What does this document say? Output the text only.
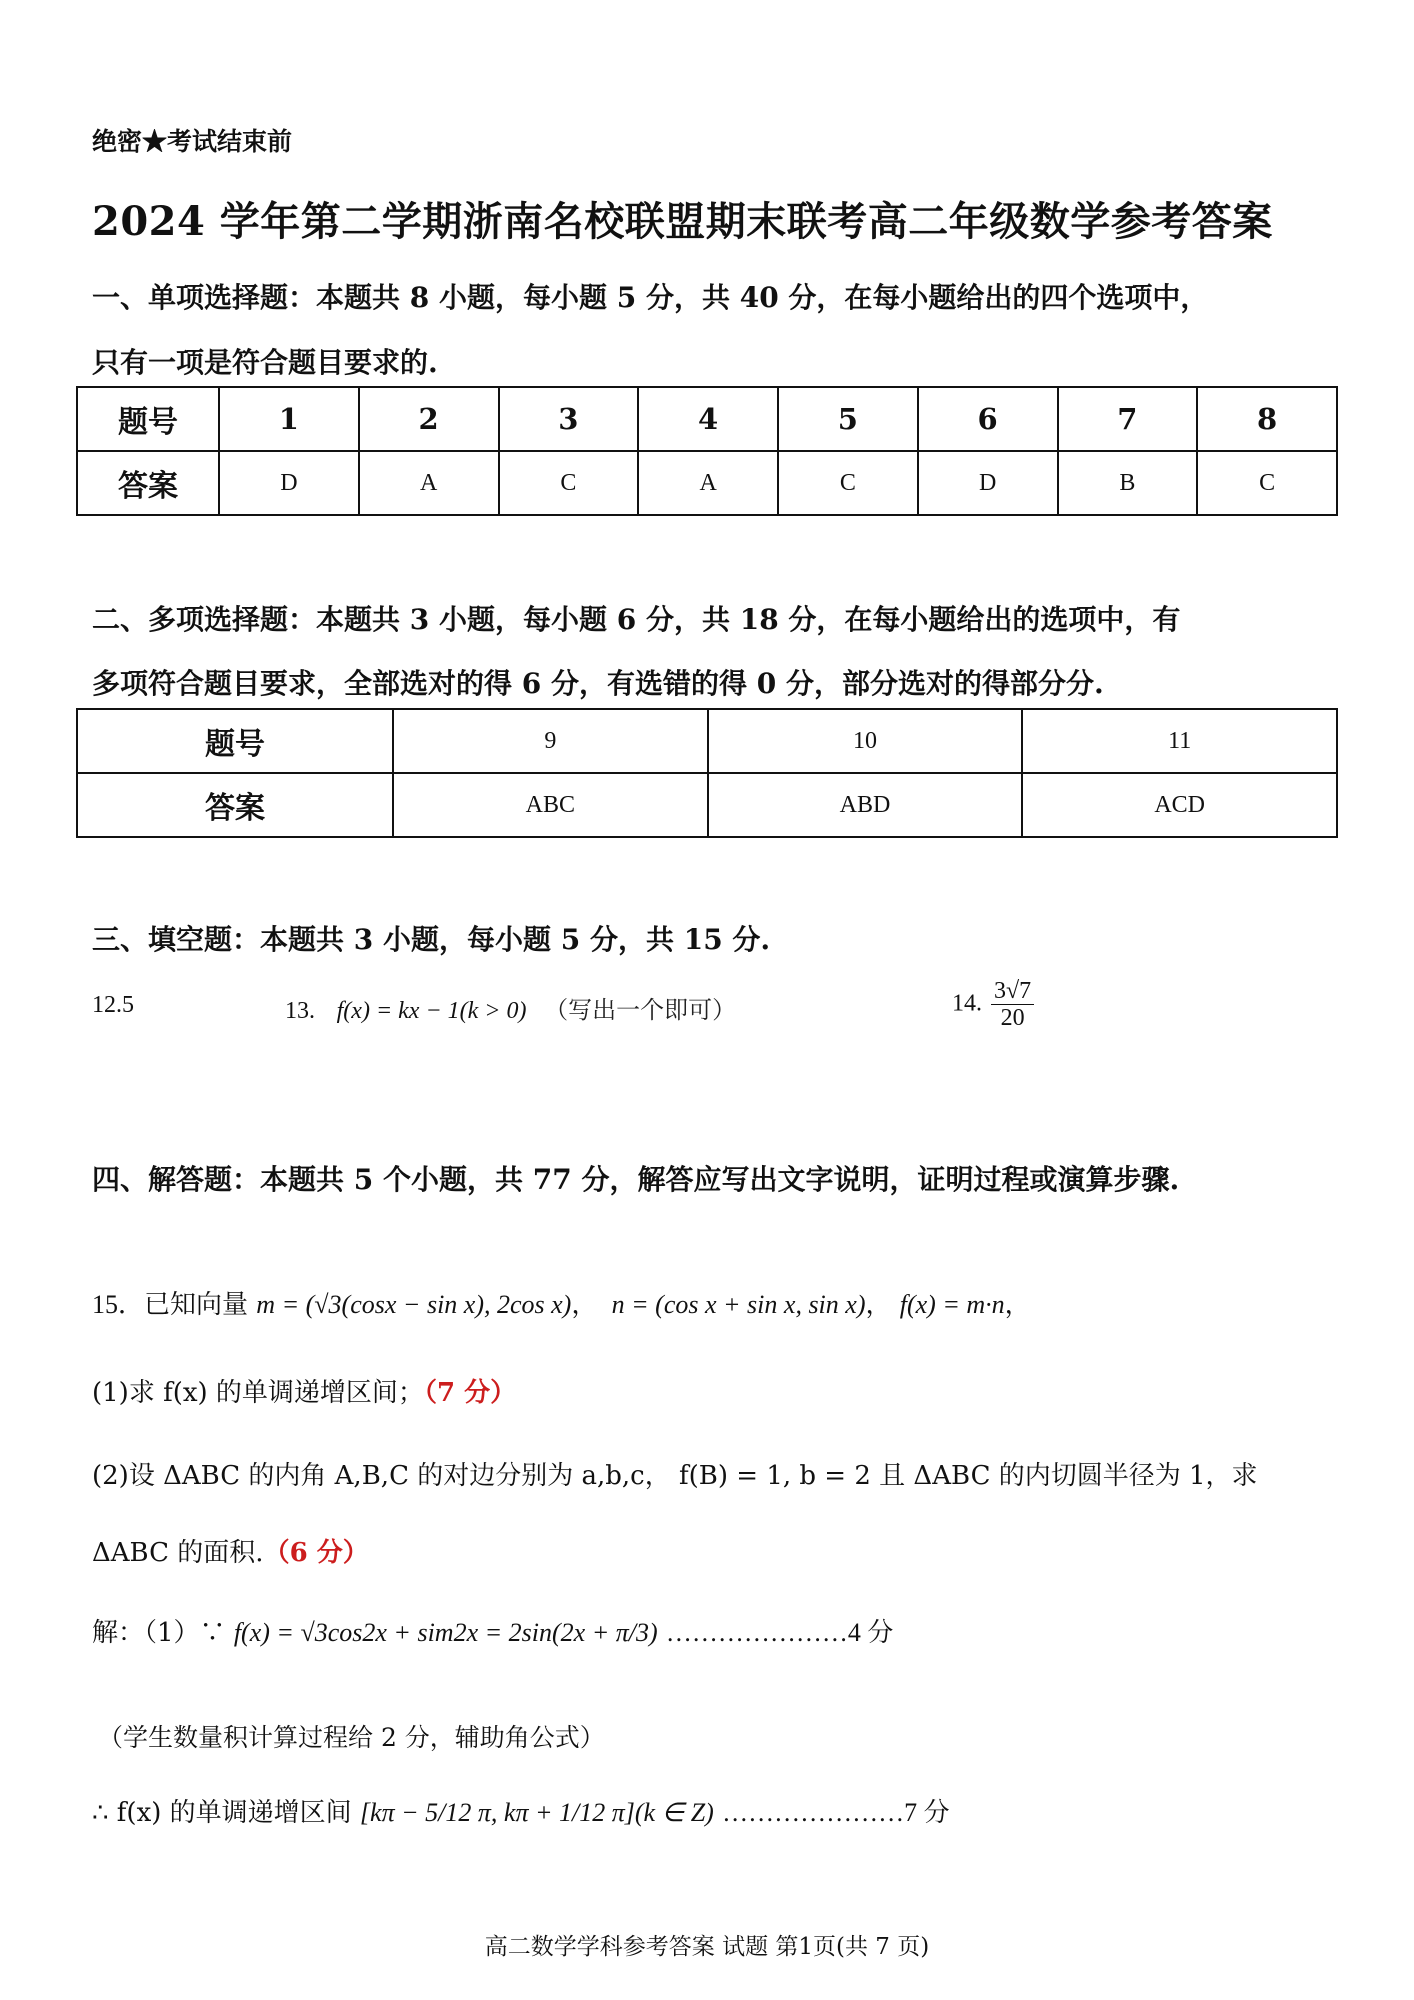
绝密★考试结束前
2024 学年第二学期浙南名校联盟期末联考高二年级数学参考答案
一、单项选择题：本题共 8 小题，每小题 5 分，共 40 分，在每小题给出的四个选项中，
只有一项是符合题目要求的.
题号	1	2	3	4	5	6	7	8
答案	D	A	C	A	C	D	B	C
二、多项选择题：本题共 3 小题，每小题 6 分，共 18 分，在每小题给出的选项中，有
多项符合题目要求，全部选对的得 6 分，有选错的得 0 分，部分选对的得部分分.
题号	9	10	11
答案	ABC	ABD	ACD
三、填空题：本题共 3 小题，每小题 5 分，共 15 分.
12.5	13. f(x) = kx − 1(k > 0) （写出一个即可）	14. $\frac{3√7}{20}$
四、解答题：本题共 5 个小题，共 77 分，解答应写出文字说明，证明过程或演算步骤.
15．已知向量 m = (√3(cosx − sin x), 2cos x)， n = (cos x + sin x, sin x)， f(x) = m·n，
(1)求 f(x) 的单调递增区间；（7 分）
(2)设 ΔABC 的内角 A,B,C 的对边分别为 a,b,c， f(B) = 1, b = 2 且 ΔABC 的内切圆半径为 1，求
ΔABC 的面积.（6 分）
解：（1）∵ f(x) = √3cos2x + sim2x = 2sin(2x + π/3) …………………4 分
（学生数量积计算过程给 2 分，辅助角公式）
∴ f(x) 的单调递增区间 [kπ − 5/12 π, kπ + 1/12 π](k ∈ Z) …………………7 分
高二数学学科参考答案 试题 第1页(共 7 页)
